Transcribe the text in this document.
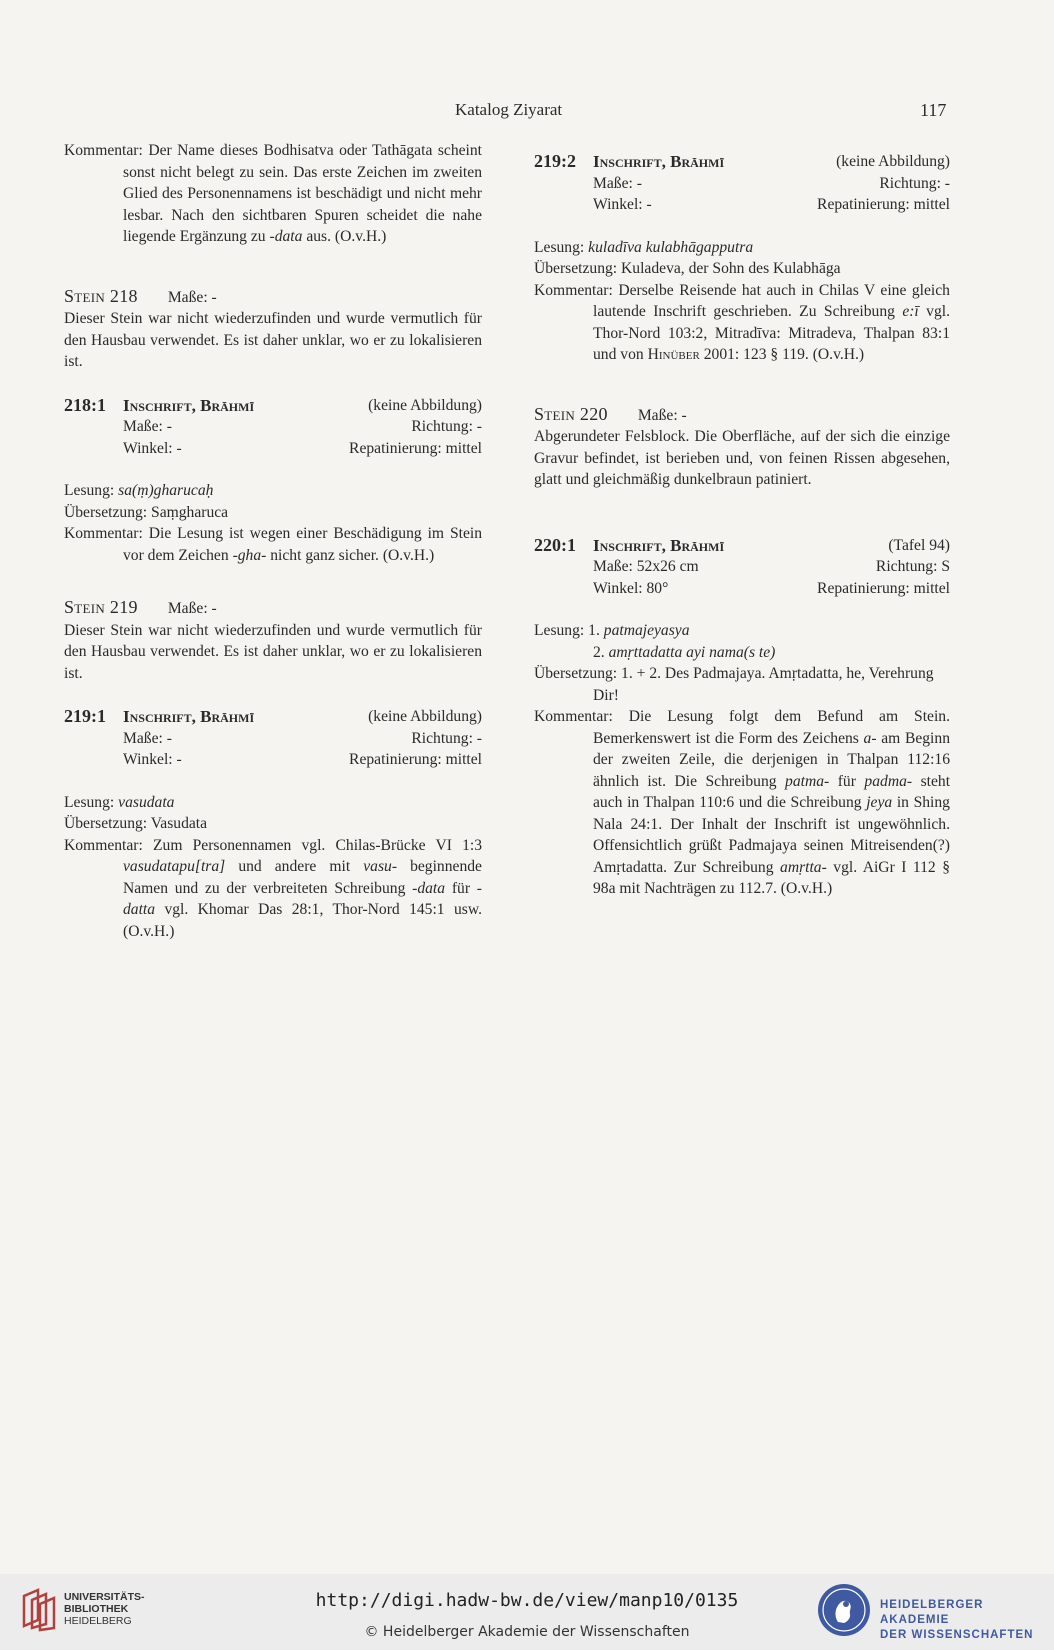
Katalog Ziyarat	117

Kommentar: Der Name dieses Bodhisatva oder Tathāgata scheint sonst nicht belegt zu sein. Das erste Zeichen im zweiten Glied des Personennamens ist beschädigt und nicht mehr lesbar. Nach den sichtbaren Spuren scheidet die nahe liegende Ergänzung zu -data aus. (O.v.H.)

Stein 218 Maße: -

Dieser Stein war nicht wiederzufinden und wurde vermutlich für den Hausbau verwendet. Es ist daher unklar, wo er zu lokalisieren ist.

218:1 Inschrift, Brāhmī	(keine Abbildung)

Maße: -	Richtung: -

Winkel: -	Repatinierung: mittel

Lesung: sa(ṃ)gharucaḥ

Übersetzung: Saṃgharuca

Kommentar: Die Lesung ist wegen einer Beschädigung im Stein vor dem Zeichen -gha- nicht ganz sicher. (O.v.H.)

Stein 219 Maße: -

Dieser Stein war nicht wiederzufinden und wurde vermutlich für den Hausbau verwendet. Es ist daher unklar, wo er zu lokalisieren ist.

219:1 Inschrift, Brāhmī	(keine Abbildung)

Maße: -	Richtung: -

Winkel: -	Repatinierung: mittel

Lesung: vasudata

Übersetzung: Vasudata

Kommentar: Zum Personennamen vgl. Chilas-Brücke VI 1:3 vasudatapu[tra] und andere mit vasu- beginnende Namen und zu der verbreiteten Schreibung -data für -datta vgl. Khomar Das 28:1, Thor-Nord 145:1 usw. (O.v.H.)

219:2 Inschrift, Brāhmī	(keine Abbildung)

Maße: -	Richtung: -

Winkel: -	Repatinierung: mittel

Lesung: kuladīva kulabhāgapputra

Übersetzung: Kuladeva, der Sohn des Kulabhāga

Kommentar: Derselbe Reisende hat auch in Chilas V eine gleich lautende Inschrift geschrieben. Zu Schreibung e:ī vgl. Thor-Nord 103:2, Mitradīva: Mitradeva, Thalpan 83:1 und von Hinüber 2001: 123 § 119. (O.v.H.)

Stein 220 Maße: -

Abgerundeter Felsblock. Die Oberfläche, auf der sich die einzige Gravur befindet, ist berieben und, von feinen Rissen abgesehen, glatt und gleichmäßig dunkelbraun patiniert.

220:1 Inschrift, Brāhmī	(Tafel 94)

Maße: 52x26 cm	Richtung: S

Winkel: 80°	Repatinierung: mittel

Lesung: 1. patmajeyasya

2. amṛttadatta ayi nama(s te)

Übersetzung: 1. + 2. Des Padmajaya. Amṛtadatta, he, Verehrung Dir!

Kommentar: Die Lesung folgt dem Befund am Stein. Bemerkenswert ist die Form des Zeichens a- am Beginn der zweiten Zeile, die derjenigen in Thalpan 112:16 ähnlich ist. Die Schreibung patma- für padma- steht auch in Thalpan 110:6 und die Schreibung jeya in Shing Nala 24:1. Der Inhalt der Inschrift ist ungewöhnlich. Offensichtlich grüßt Padmajaya seinen Mitreisenden(?) Amṛtadatta. Zur Schreibung amṛtta- vgl. AiGr I 112 § 98a mit Nachträgen zu 112.7. (O.v.H.)

UNIVERSITÄTS-
BIBLIOTHEK
HEIDELBERG
http://digi.hadw-bw.de/view/manp10/0135
© Heidelberger Akademie der Wissenschaften
HEIDELBERGER AKADEMIE
DER WISSENSCHAFTEN
